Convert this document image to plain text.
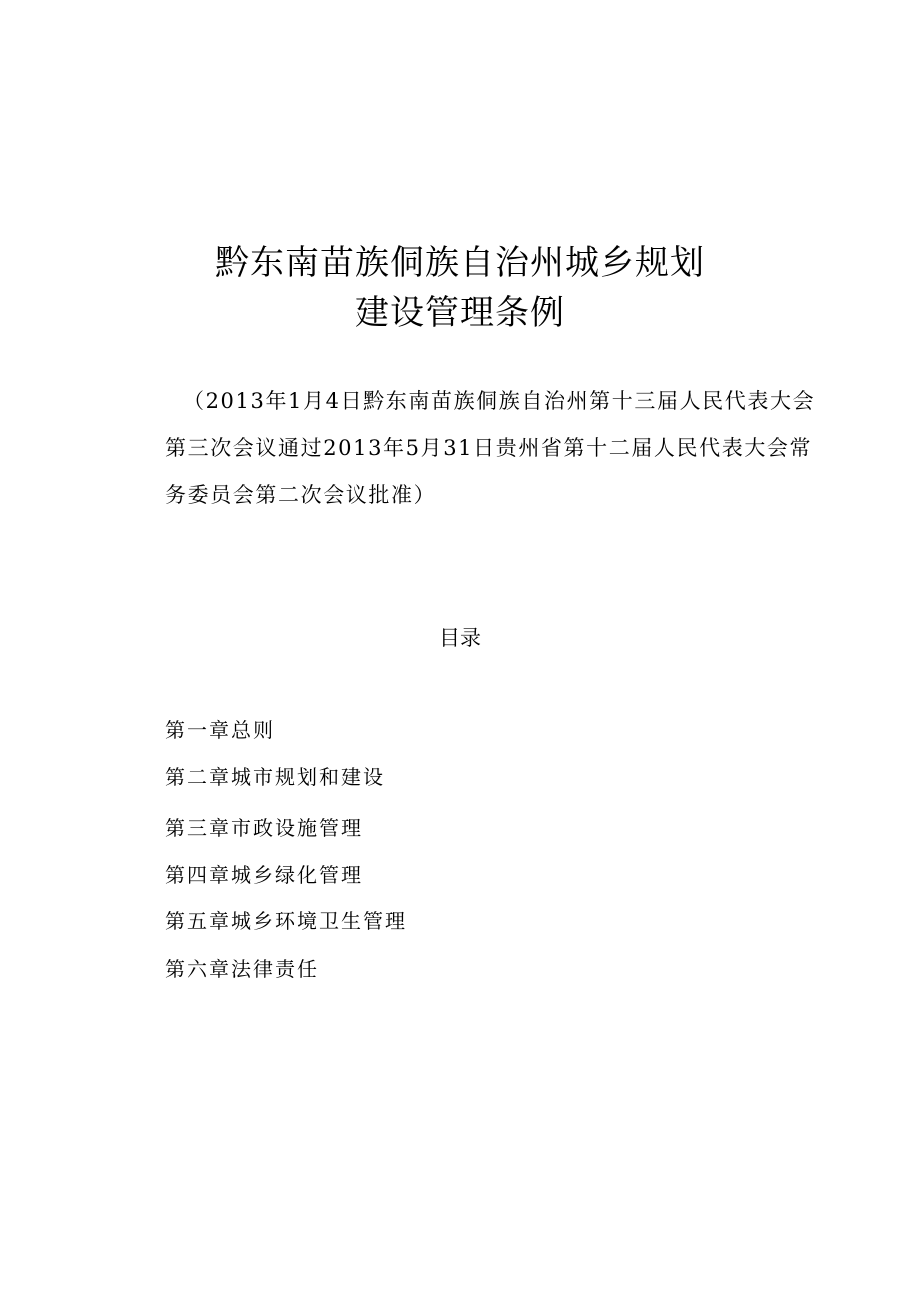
黔东南苗族侗族自治州城乡规划
建设管理条例
（2013年1月4日黔东南苗族侗族自治州第十三届人民代表大会
第三次会议通过2013年5月31日贵州省第十二届人民代表大会常
务委员会第二次会议批准）
目录
第一章总则
第二章城市规划和建设
第三章市政设施管理
第四章城乡绿化管理
第五章城乡环境卫生管理
第六章法律责任
